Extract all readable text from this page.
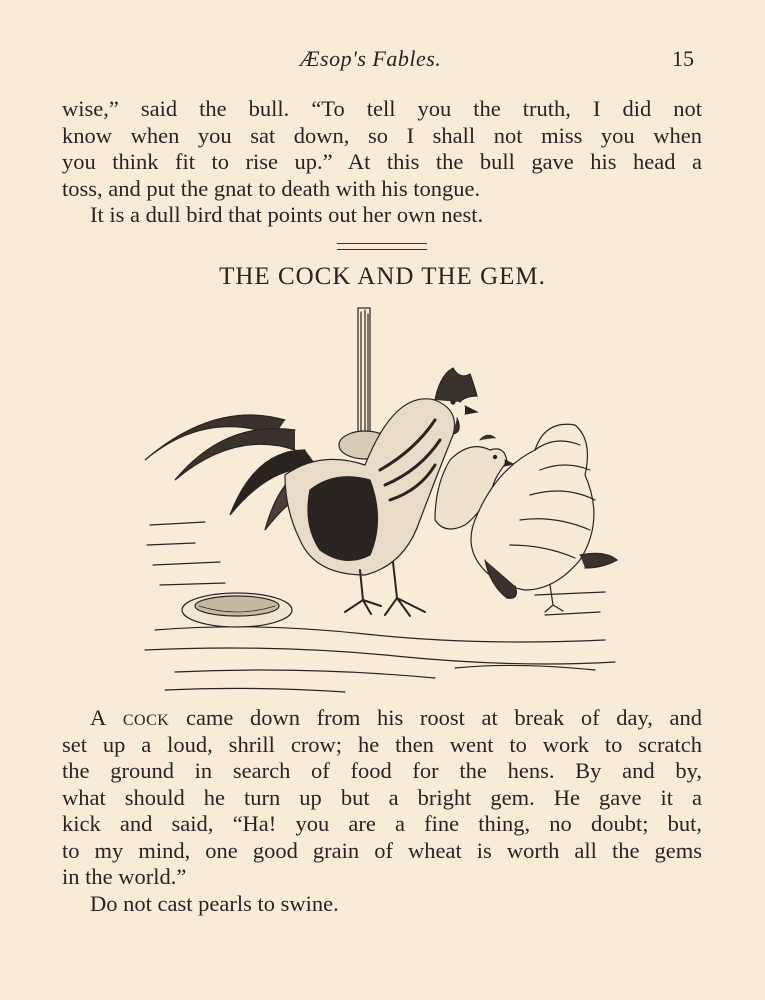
Æsop's Fables.	15
wise,” said the bull. “To tell you the truth, I did not
know when you sat down, so I shall not miss you when
you think fit to rise up.” At this the bull gave his head a
toss, and put the gnat to death with his tongue.
It is a dull bird that points out her own nest.
THE COCK AND THE GEM.
A cock came down from his roost at break of day, and
set up a loud, shrill crow; he then went to work to scratch
the ground in search of food for the hens. By and by,
what should he turn up but a bright gem. He gave it a
kick and said, “Ha! you are a fine thing, no doubt; but,
to my mind, one good grain of wheat is worth all the gems
in the world.”
Do not cast pearls to swine.
